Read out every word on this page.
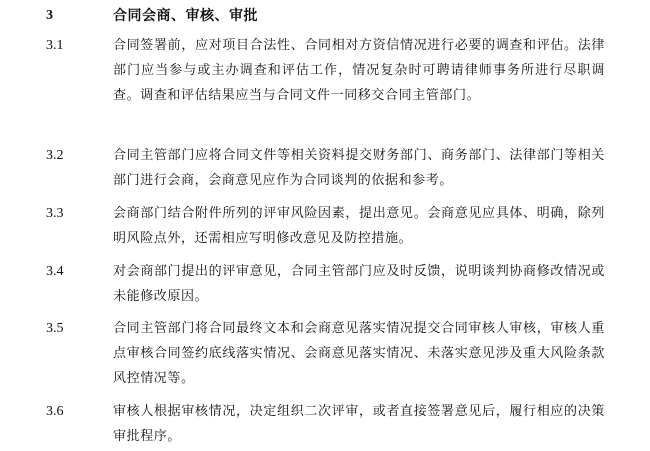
3	合同会商、审核、审批
3.1	合同签署前，应对项目合法性、合同相对方资信情况进行必要的调查和评估。法律部门应当参与或主办调查和评估工作，情况复杂时可聘请律师事务所进行尽职调查。调查和评估结果应当与合同文件一同移交合同主管部门。
3.2	合同主管部门应将合同文件等相关资料提交财务部门、商务部门、法律部门等相关部门进行会商，会商意见应作为合同谈判的依据和参考。
3.3	会商部门结合附件所列的评审风险因素，提出意见。会商意见应具体、明确，除列明风险点外，还需相应写明修改意见及防控措施。
3.4	对会商部门提出的评审意见，合同主管部门应及时反馈，说明谈判协商修改情况或未能修改原因。
3.5	合同主管部门将合同最终文本和会商意见落实情况提交合同审核人审核，审核人重点审核合同签约底线落实情况、会商意见落实情况、未落实意见涉及重大风险条款风控情况等。
3.6	审核人根据审核情况，决定组织二次评审，或者直接签署意见后，履行相应的决策审批程序。
